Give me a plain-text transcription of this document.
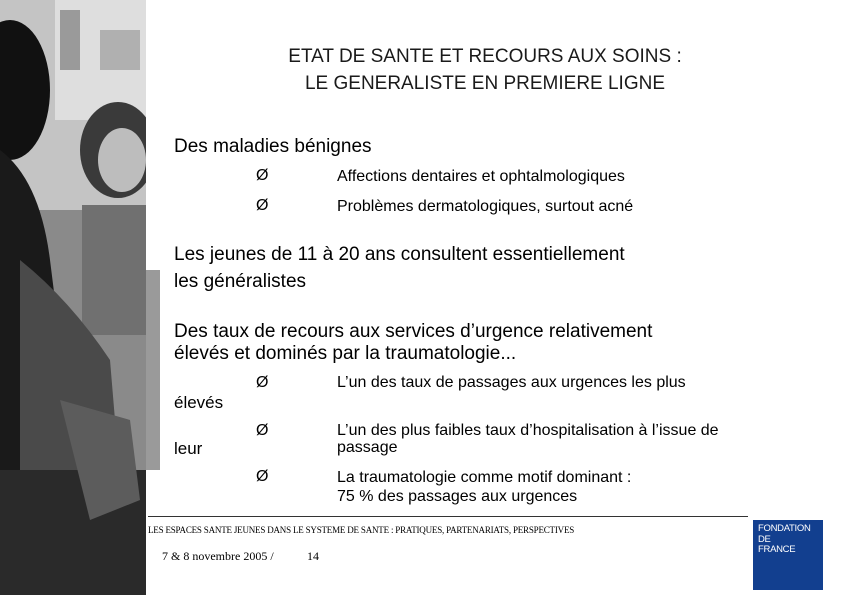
ETAT DE SANTE ET RECOURS AUX SOINS :
LE GENERALISTE EN PREMIERE LIGNE
Des maladies bénignes
Ø	Affections dentaires et ophtalmologiques
Ø	Problèmes dermatologiques, surtout acné
Les jeunes de 11 à 20 ans consultent essentiellement
les généralistes
Des taux de recours aux services d’urgence relativement
élevés et dominés par la traumatologie...
élevés
leur
Ø	L’un des taux de passages aux urgences les plus
Ø	L’un des plus faibles taux d’hospitalisation à l’issue de
passage
Ø	La traumatologie comme motif dominant :
75 % des passages aux urgences
LES ESPACES SANTE JEUNES DANS LE SYSTEME DE SANTE : PRATIQUES, PARTENARIATS, PERSPECTIVES
7 & 8 novembre 2005 /	14
FONDATION
DE
FRANCE
